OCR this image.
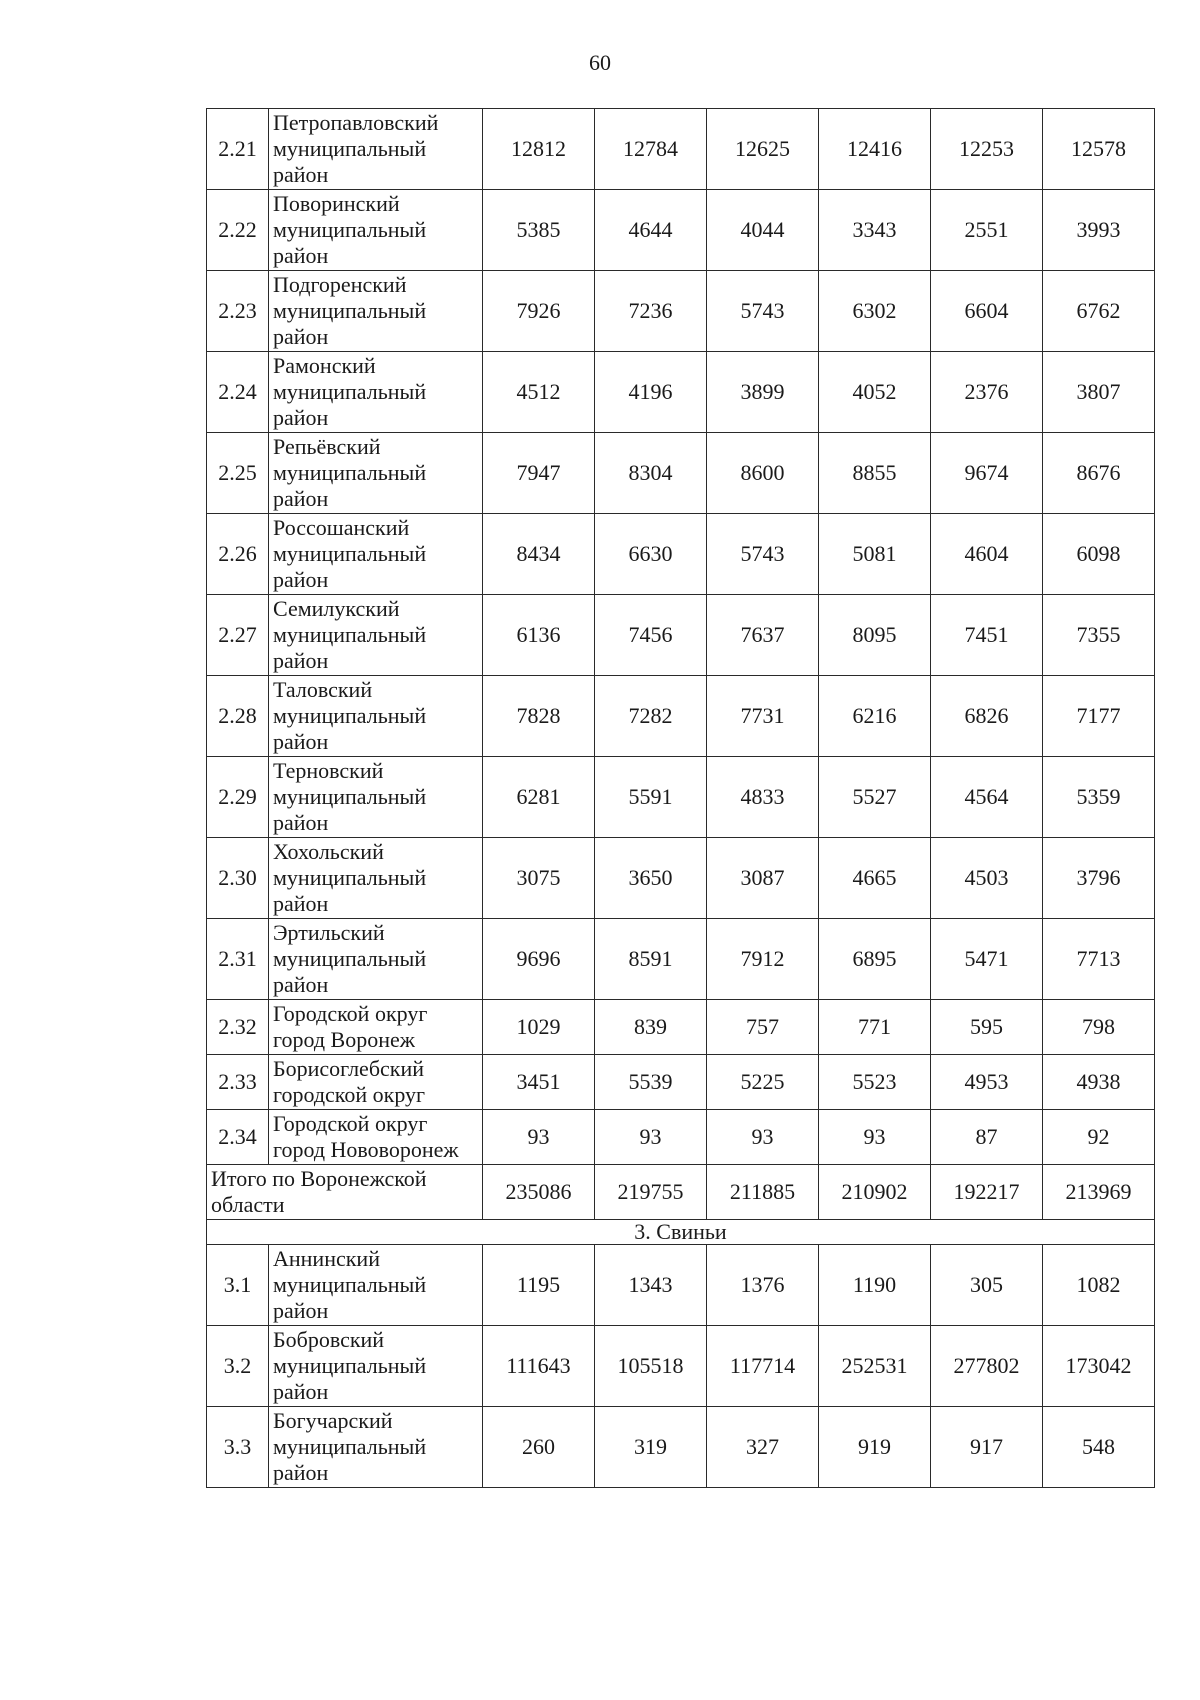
60
2.21	Петропавловский муниципальный район	12812	12784	12625	12416	12253	12578
2.22	Поворинский муниципальный район	5385	4644	4044	3343	2551	3993
2.23	Подгоренский муниципальный район	7926	7236	5743	6302	6604	6762
2.24	Рамонский муниципальный район	4512	4196	3899	4052	2376	3807
2.25	Репьёвский муниципальный район	7947	8304	8600	8855	9674	8676
2.26	Россошанский муниципальный район	8434	6630	5743	5081	4604	6098
2.27	Семилукский муниципальный район	6136	7456	7637	8095	7451	7355
2.28	Таловский муниципальный район	7828	7282	7731	6216	6826	7177
2.29	Терновский муниципальный район	6281	5591	4833	5527	4564	5359
2.30	Хохольский муниципальный район	3075	3650	3087	4665	4503	3796
2.31	Эртильский муниципальный район	9696	8591	7912	6895	5471	7713
2.32	Городской округ город Воронеж	1029	839	757	771	595	798
2.33	Борисоглебский городской округ	3451	5539	5225	5523	4953	4938
2.34	Городской округ город Нововоронеж	93	93	93	93	87	92
Итого по Воронежской области		235086	219755	211885	210902	192217	213969
3. Свиньи							
3.1	Аннинский муниципальный район	1195	1343	1376	1190	305	1082
3.2	Бобровский муниципальный район	111643	105518	117714	252531	277802	173042
3.3	Богучарский муниципальный район	260	319	327	919	917	548
